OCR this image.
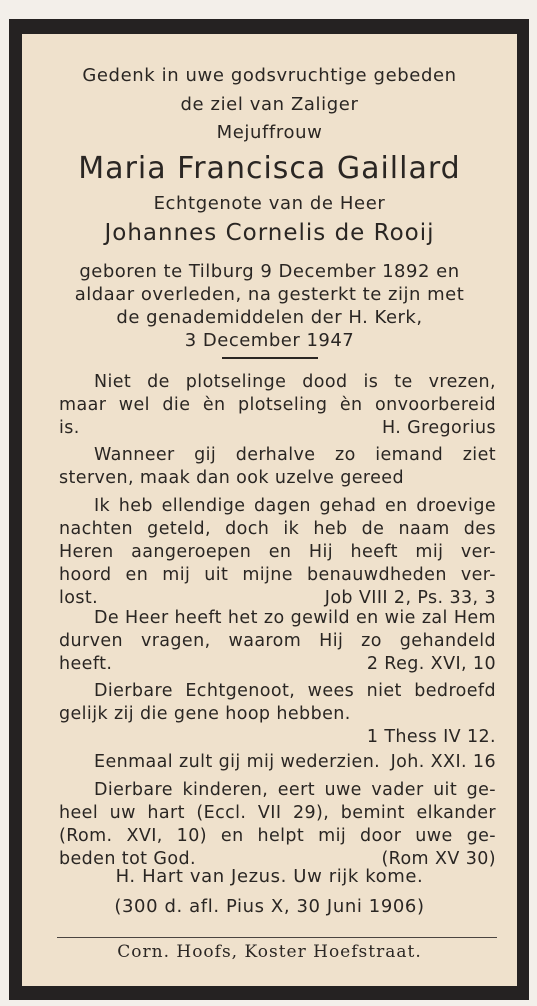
Gedenk in uwe godsvruchtige gebeden
de ziel van Zaliger
Mejuffrouw
Maria Francisca Gaillard
Echtgenote van de Heer
Johannes Cornelis de Rooij
geboren te Tilburg 9 December 1892 en
aldaar overleden, na gesterkt te zijn met
de genademiddelen der H. Kerk,
3 December 1947
Niet de plotselinge dood is te vrezen,
maar wel die èn plotseling èn onvoorbereid
is.	H. Gregorius
Wanneer gij derhalve zo iemand ziet
sterven, maak dan ook uzelve gereed
Ik heb ellendige dagen gehad en droevige
nachten geteld, doch ik heb de naam des
Heren aangeroepen en Hij heeft mij ver-
hoord en mij uit mijne benauwdheden ver-
lost.	Job VIII 2, Ps. 33, 3
De Heer heeft het zo gewild en wie zal Hem
durven vragen, waarom Hij zo gehandeld
heeft.	2 Reg. XVI, 10
Dierbare Echtgenoot, wees niet bedroefd
gelijk zij die gene hoop hebben.
1 Thess IV 12.
Eenmaal zult gij mij wederzien. Joh. XXI. 16
Dierbare kinderen, eert uwe vader uit ge-
heel uw hart (Eccl. VII 29), bemint elkander
(Rom. XVI, 10) en helpt mij door uwe ge-
beden tot God.	(Rom XV 30)
H. Hart van Jezus. Uw rijk kome.
(300 d. afl. Pius X, 30 Juni 1906)
Corn. Hoofs, Koster Hoefstraat.
